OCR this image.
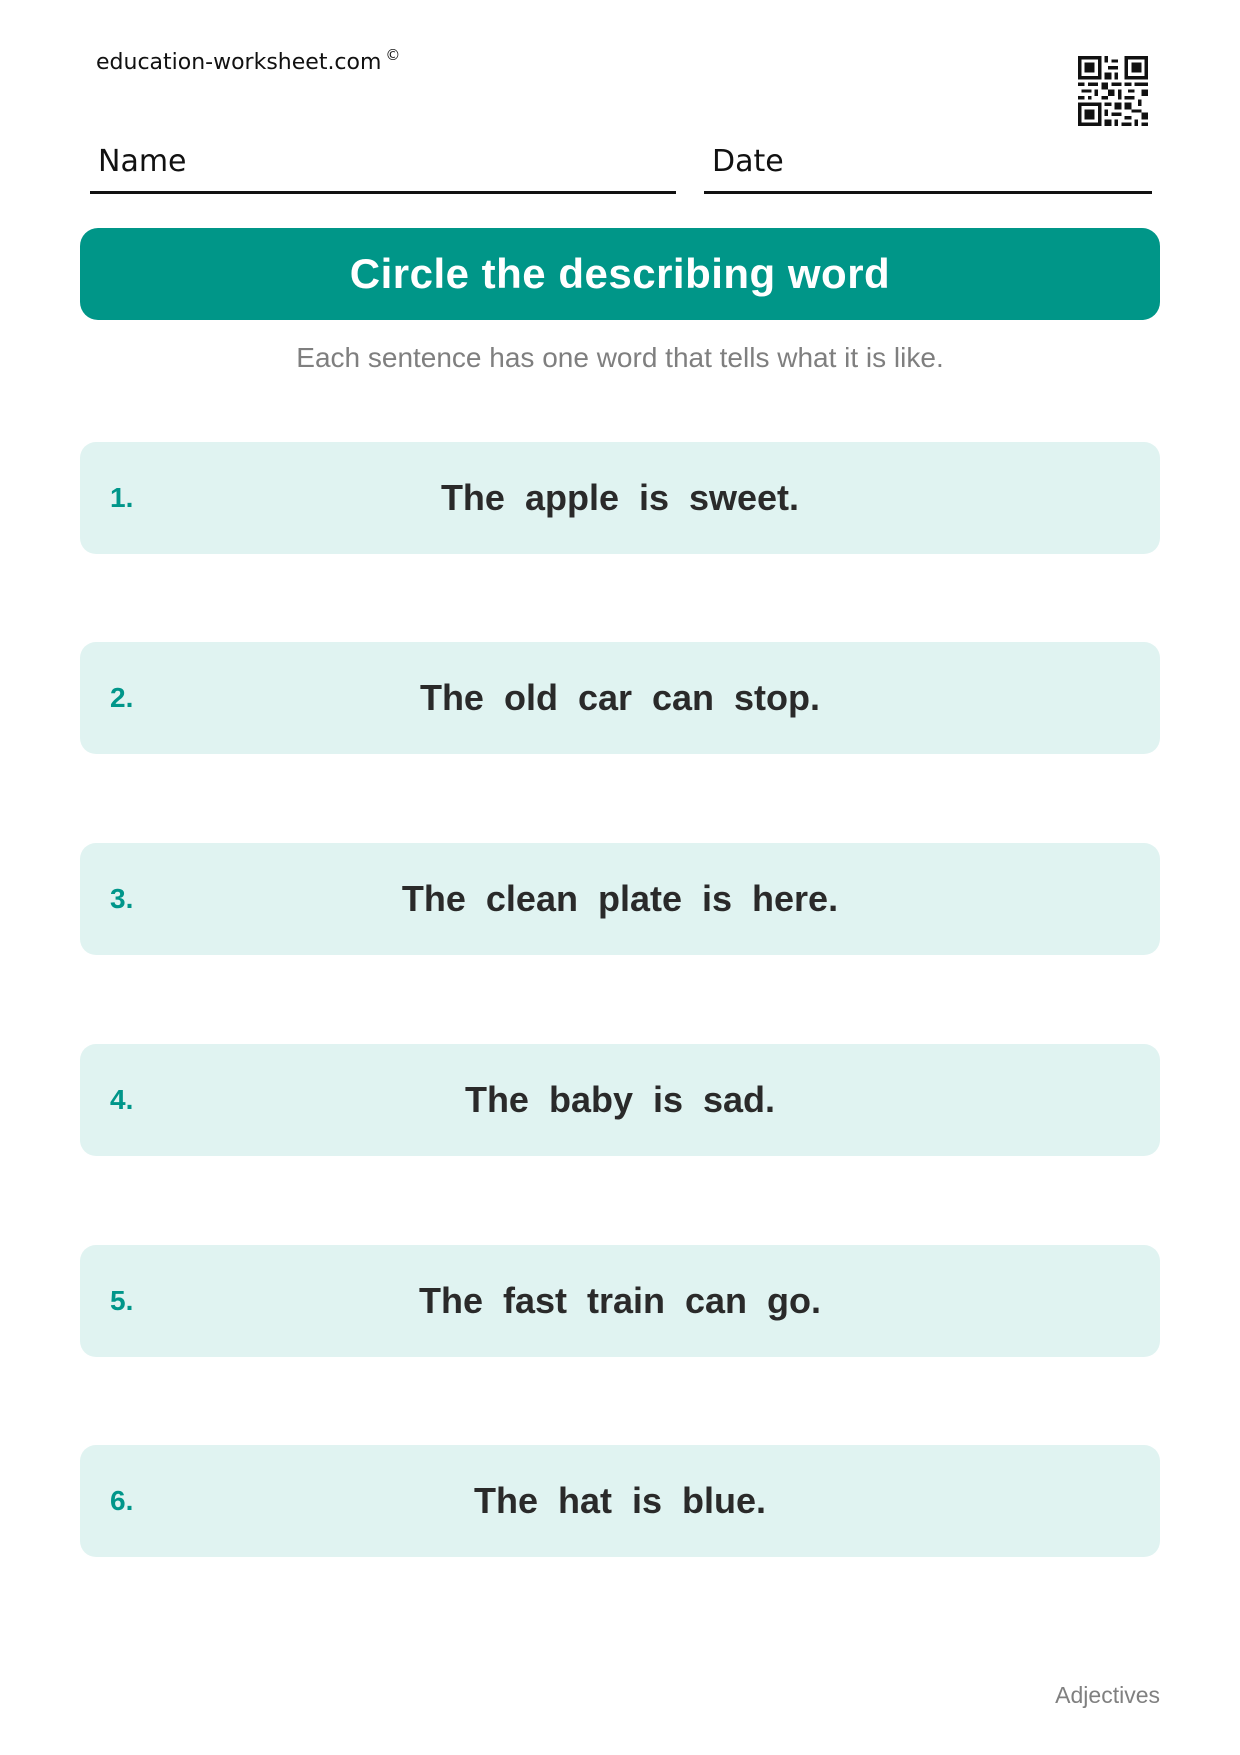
education-worksheet.com ©
Name	Date
Circle the describing word
Each sentence has one word that tells what it is like.
1.	The apple is sweet.
2.	The old car can stop.
3.	The clean plate is here.
4.	The baby is sad.
5.	The fast train can go.
6.	The hat is blue.
Adjectives
